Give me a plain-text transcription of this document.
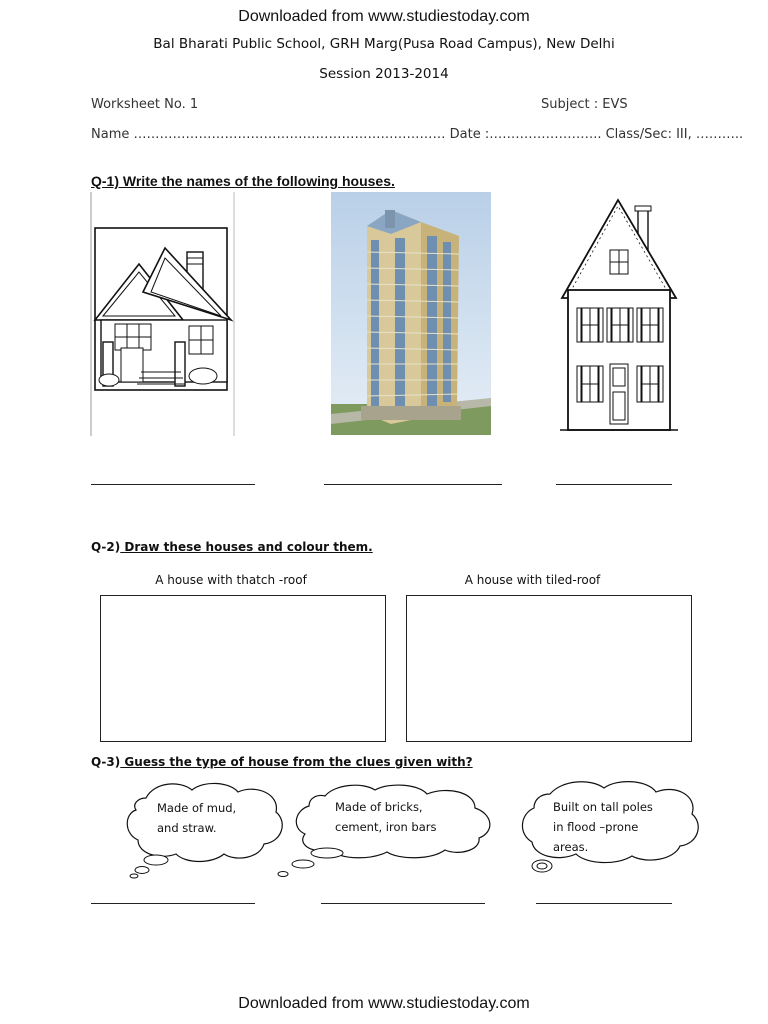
Downloaded from www.studiestoday.com
Bal Bharati Public School, GRH Marg(Pusa Road Campus), New Delhi
Session 2013-2014
Worksheet No. 1	Subject : EVS
Name ……………………………………………………………… Date :…………………….. Class/Sec: III, ………..
Q-1) Write the names of the following houses.
Q-2) Draw these houses and colour them.
A house with thatch -roof	A house with tiled-roof
Q-3) Guess the type of house from the clues given with?
Made of mud,
and straw.
Made of bricks,
cement, iron bars
Built on tall poles
in flood –prone
areas.
Downloaded from www.studiestoday.com
